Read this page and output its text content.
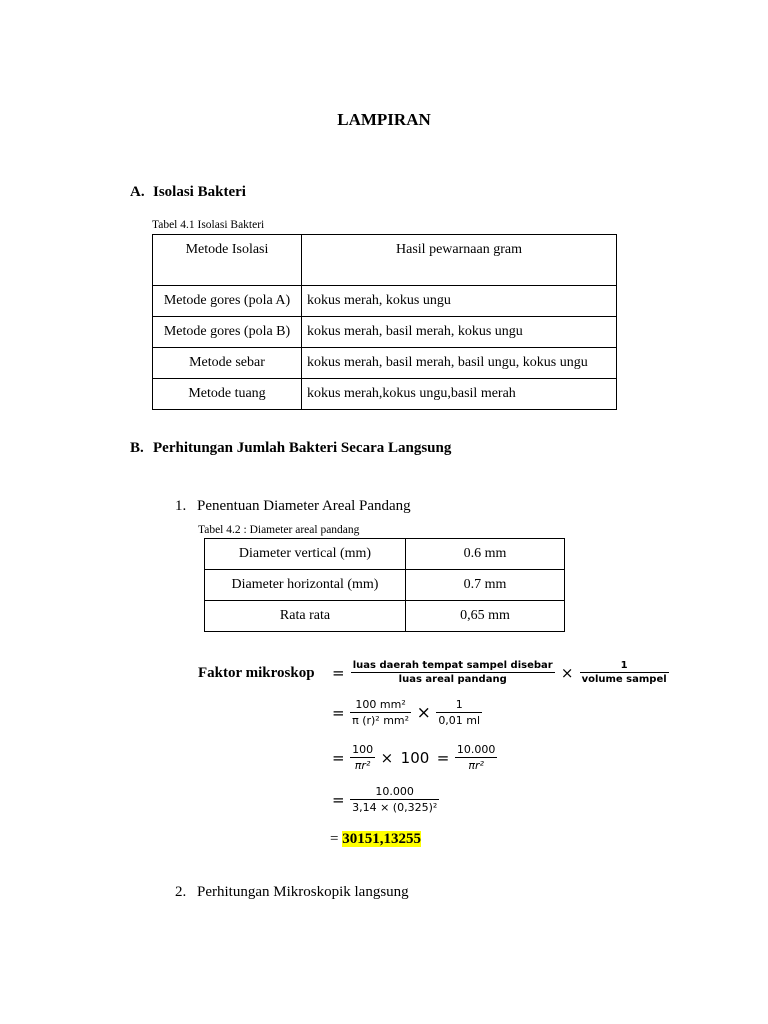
LAMPIRAN
A. Isolasi Bakteri
Tabel 4.1 Isolasi Bakteri
Metode Isolasi	Hasil pewarnaan gram
Metode gores (pola A)	kokus merah, kokus ungu
Metode gores (pola B)	kokus merah, basil merah, kokus ungu
Metode sebar	kokus merah, basil merah, basil ungu, kokus ungu
Metode tuang	kokus merah,kokus ungu,basil merah
B. Perhitungan Jumlah Bakteri Secara Langsung
1. Penentuan Diameter Areal Pandang
Tabel 4.2 : Diameter areal pandang
Diameter vertical (mm)	0.6 mm
Diameter horizontal (mm)	0.7 mm
Rata rata	0,65 mm
Faktor mikroskop = $\frac{\text{luas daerah tempat sampel disebar}}{\text{luas areal pandang}} \times \frac{1}{\text{volume sampel}}$
= $\frac{\text{100 mm²}}{\text{π (r)² mm²}} \times \frac{1}{0,01 ml}$
= $\frac{100}{\text{πr²}} \times 100 = \frac{10.000}{\text{πr²}}$
= $\frac{10.000}{\text{3,14 × (0,325)²}}$
= 30151,13255
2. Perhitungan Mikroskopik langsung
